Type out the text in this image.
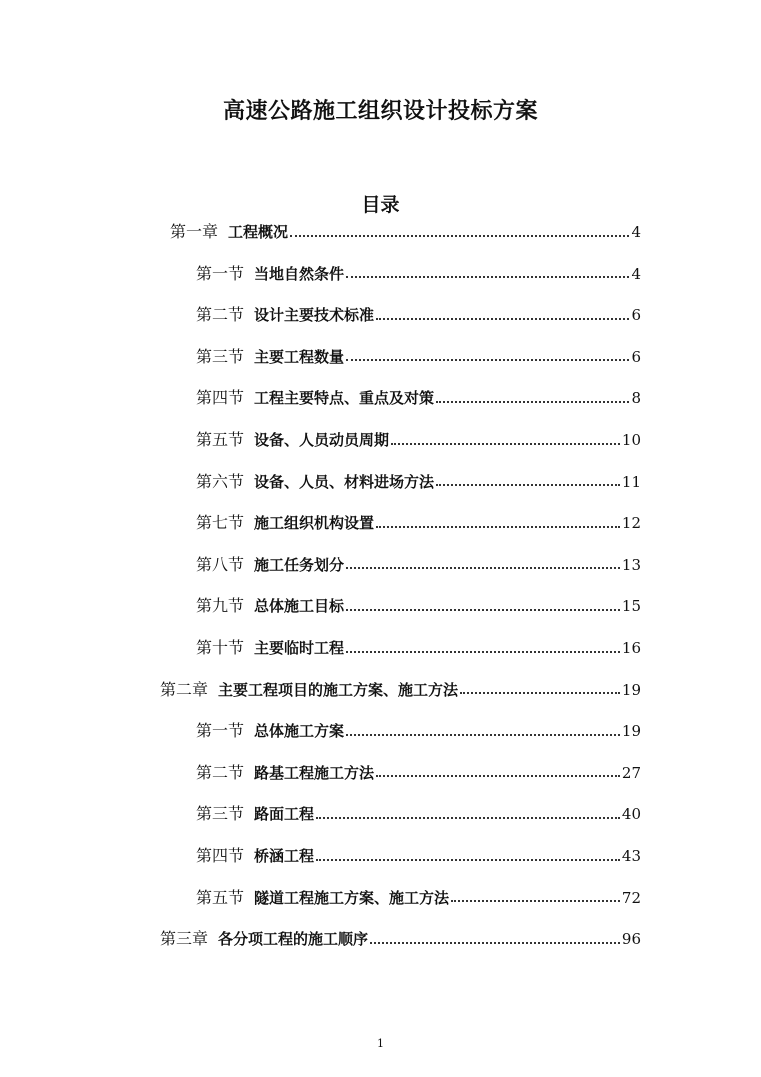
高速公路施工组织设计投标方案
目录
第一章 工程概况	4
第一节 当地自然条件	4
第二节 设计主要技术标准	6
第三节 主要工程数量	6
第四节 工程主要特点、重点及对策	8
第五节 设备、人员动员周期	10
第六节 设备、人员、材料进场方法	11
第七节 施工组织机构设置	12
第八节 施工任务划分	13
第九节 总体施工目标	15
第十节 主要临时工程	16
第二章 主要工程项目的施工方案、施工方法	19
第一节 总体施工方案	19
第二节 路基工程施工方法	27
第三节 路面工程	40
第四节 桥涵工程	43
第五节 隧道工程施工方案、施工方法	72
第三章 各分项工程的施工顺序	96
1
